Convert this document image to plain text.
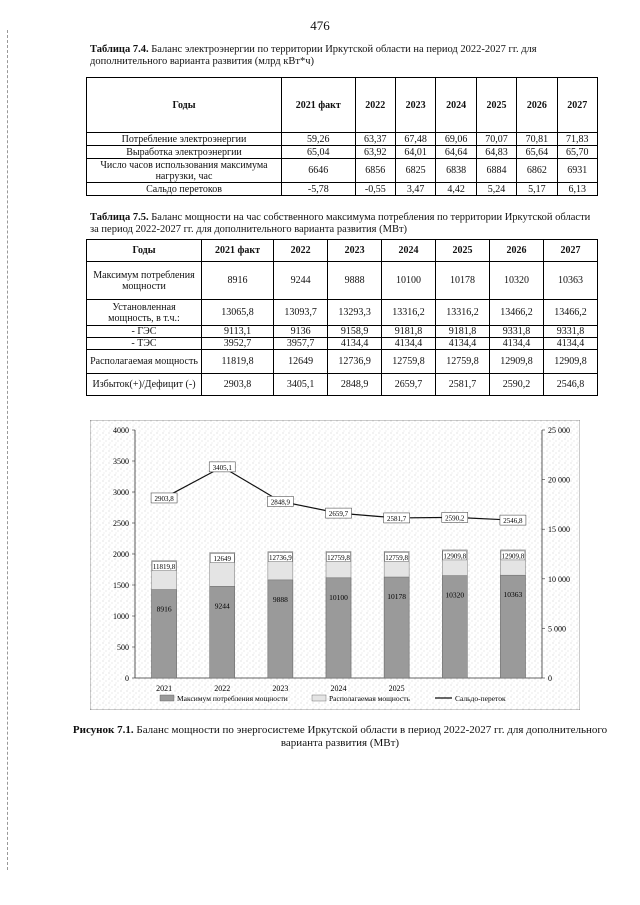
476
Таблица 7.4. Баланс электроэнергии по территории Иркутской области на период 2022-2027 гг. для дополнительного варианта развития (млрд кВт*ч)
Годы	2021 факт	2022	2023	2024	2025	2026	2027
Потребление электроэнергии	59,26	63,37	67,48	69,06	70,07	70,81	71,83
Выработка электроэнергии	65,04	63,92	64,01	64,64	64,83	65,64	65,70
Число часов использования максимума нагрузки, час	6646	6856	6825	6838	6884	6862	6931
Сальдо перетоков	-5,78	-0,55	3,47	4,42	5,24	5,17	6,13
Таблица 7.5. Баланс мощности на час собственного максимума потребления по территории Иркутской области за период 2022-2027 гг. для дополнительного варианта развития (МВт)
Годы	2021 факт	2022	2023	2024	2025	2026	2027
Максимум потребления мощности	8916	9244	9888	10100	10178	10320	10363
Установленная мощность, в т.ч.:	13065,8	13093,7	13293,3	13316,2	13316,2	13466,2	13466,2
- ГЭС	9113,1	9136	9158,9	9181,8	9181,8	9331,8	9331,8
- ТЭС	3952,7	3957,7	4134,4	4134,4	4134,4	4134,4	4134,4
Располагаемая мощность	11819,8	12649	12736,9	12759,8	12759,8	12909,8	12909,8
Избыток(+)/Дефицит (-)	2903,8	3405,1	2848,9	2659,7	2581,7	2590,2	2546,8
0
500
1000
1500
2000
2500
3000
3500
4000
0
5 000
10 000
15 000
20 000
25 000
8916
11819,8
2021
9244
12649
2022
9888
12736,9
2023
10100
12759,8
2024
10178
12759,8
2025
10320
12909,8
10363
12909,8
2903,8
3405,1
2848,9
2659,7
2581,7	2590,2	2546,8
Максимум потребления мощности	Располагаемая мощность	Сальдо-переток
Рисунок 7.1. Баланс мощности по энергосистеме Иркутской области в период 2022-2027 гг. для дополнительного варианта развития (МВт)
